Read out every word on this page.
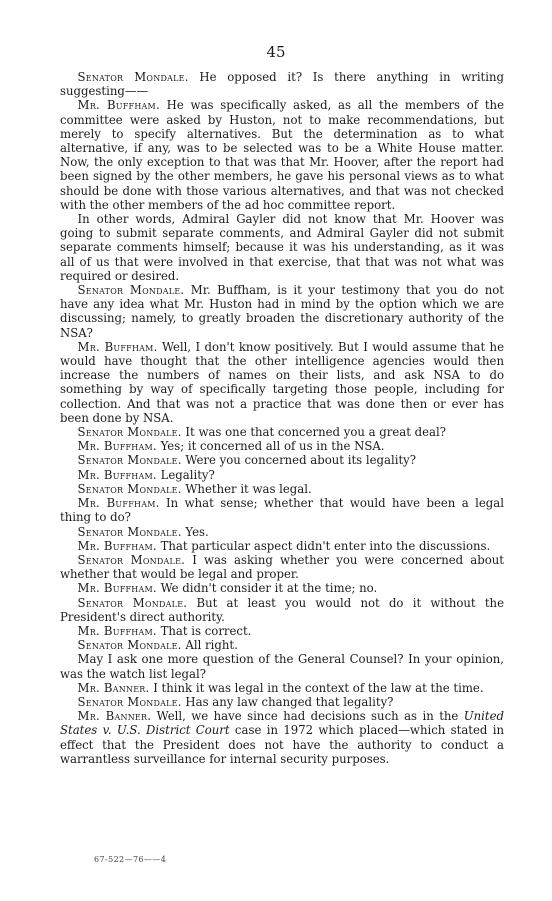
45

Senator Mondale. He opposed it? Is there anything in writing suggesting——

Mr. Buffham. He was specifically asked, as all the members of the committee were asked by Huston, not to make recommendations, but merely to specify alternatives. But the determination as to what alternative, if any, was to be selected was to be a White House matter. Now, the only exception to that was that Mr. Hoover, after the report had been signed by the other members, he gave his personal views as to what should be done with those various alternatives, and that was not checked with the other members of the ad hoc committee report.

In other words, Admiral Gayler did not know that Mr. Hoover was going to submit separate comments, and Admiral Gayler did not submit separate comments himself; because it was his understanding, as it was all of us that were involved in that exercise, that that was not what was required or desired.

Senator Mondale. Mr. Buffham, is it your testimony that you do not have any idea what Mr. Huston had in mind by the option which we are discussing; namely, to greatly broaden the discretionary authority of the NSA?

Mr. Buffham. Well, I don't know positively. But I would assume that he would have thought that the other intelligence agencies would then increase the numbers of names on their lists, and ask NSA to do something by way of specifically targeting those people, including for collection. And that was not a practice that was done then or ever has been done by NSA.

Senator Mondale. It was one that concerned you a great deal?

Mr. Buffham. Yes; it concerned all of us in the NSA.

Senator Mondale. Were you concerned about its legality?

Mr. Buffham. Legality?

Senator Mondale. Whether it was legal.

Mr. Buffham. In what sense; whether that would have been a legal thing to do?

Senator Mondale. Yes.

Mr. Buffham. That particular aspect didn't enter into the discussions.

Senator Mondale. I was asking whether you were concerned about whether that would be legal and proper.

Mr. Buffham. We didn't consider it at the time; no.

Senator Mondale. But at least you would not do it without the President's direct authority.

Mr. Buffham. That is correct.

Senator Mondale. All right.

May I ask one more question of the General Counsel? In your opinion, was the watch list legal?

Mr. Banner. I think it was legal in the context of the law at the time.

Senator Mondale. Has any law changed that legality?

Mr. Banner. Well, we have since had decisions such as in the United States v. U.S. District Court case in 1972 which placed—which stated in effect that the President does not have the authority to conduct a warrantless surveillance for internal security purposes.

67-522—76——4
